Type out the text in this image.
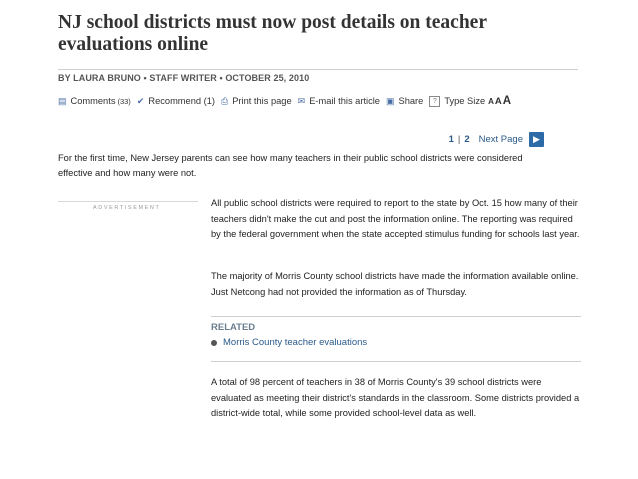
NJ school districts must now post details on teacher evaluations online
BY LAURA BRUNO • STAFF WRITER • OCTOBER 25, 2010
▤ Comments (33) ✔ Recommend (1) ⎙ Print this page ✉ E-mail this article ▣ Share	? Type Size A A A
1 | 2 Next Page	▶

For the first time, New Jersey parents can see how many teachers in their public school districts were considered effective and how many were not.

ADVERTISEMENT	All public school districts were required to report to the state by Oct. 15 how many of their teachers didn't make the cut and post the information online. The reporting was required by the federal government when the state accepted stimulus funding for schools last year.

The majority of Morris County school districts have made the information available online. Just Netcong had not provided the information as of Thursday.

RELATED
Morris County teacher evaluations

A total of 98 percent of teachers in 38 of Morris County's 39 school districts were evaluated as meeting their district's standards in the classroom. Some districts provided a district-wide total, while some provided school-level data as well.
